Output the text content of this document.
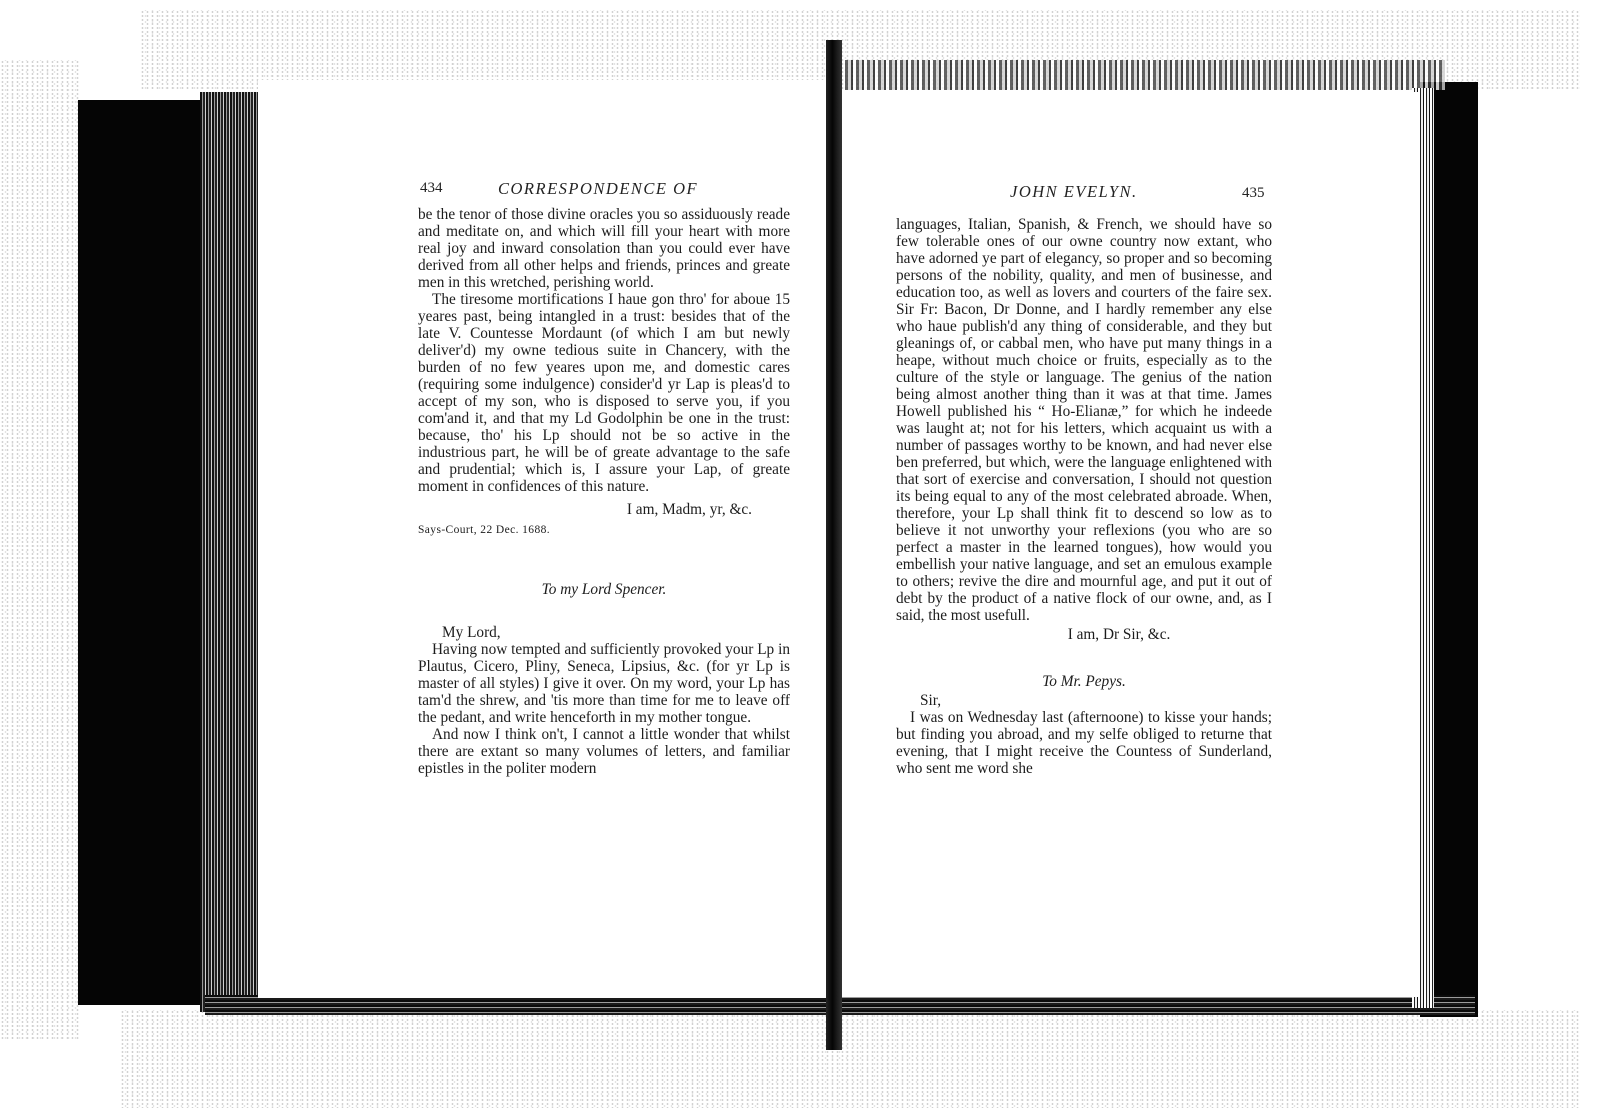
434	CORRESPONDENCE OF

be the tenor of those divine oracles you so assiduously reade and meditate on, and which will fill your heart with more real joy and inward consolation than you could ever have derived from all other helps and friends, princes and greate men in this wretched, perishing world.

The tiresome mortifications I haue gon thro' for aboue 15 yeares past, being intangled in a trust: besides that of the late V. Countesse Mordaunt (of which I am but newly deliver'd) my owne tedious suite in Chancery, with the burden of no few yeares upon me, and domestic cares (requiring some indulgence) consider'd yr Lap is pleas'd to accept of my son, who is disposed to serve you, if you com'and it, and that my Ld Godolphin be one in the trust: because, tho' his Lp should not be so active in the industrious part, he will be of greate advantage to the safe and prudential; which is, I assure your Lap, of greate moment in confidences of this nature.

I am, Madm, yr, &c.

Says-Court, 22 Dec. 1688.

To my Lord Spencer.

My Lord,

Having now tempted and sufficiently provoked your Lp in Plautus, Cicero, Pliny, Seneca, Lipsius, &c. (for yr Lp is master of all styles) I give it over. On my word, your Lp has tam'd the shrew, and 'tis more than time for me to leave off the pedant, and write henceforth in my mother tongue.

And now I think on't, I cannot a little wonder that whilst there are extant so many volumes of letters, and familiar epistles in the politer modern

JOHN EVELYN.	435

languages, Italian, Spanish, & French, we should have so few tolerable ones of our owne country now extant, who have adorned ye part of elegancy, so proper and so becoming persons of the nobility, quality, and men of businesse, and education too, as well as lovers and courters of the faire sex. Sir Fr: Bacon, Dr Donne, and I hardly remember any else who haue publish'd any thing of considerable, and they but gleanings of, or cabbal men, who have put many things in a heape, without much choice or fruits, especially as to the culture of the style or language. The genius of the nation being almost another thing than it was at that time. James Howell published his “ Ho-Elianæ,” for which he indeede was laught at; not for his letters, which acquaint us with a number of passages worthy to be known, and had never else ben preferred, but which, were the language enlightened with that sort of exercise and conversation, I should not question its being equal to any of the most celebrated abroade. When, therefore, your Lp shall think fit to descend so low as to believe it not unworthy your reflexions (you who are so perfect a master in the learned tongues), how would you embellish your native language, and set an emulous example to others; revive the dire and mournful age, and put it out of debt by the product of a native flock of our owne, and, as I said, the most usefull.

I am, Dr Sir, &c.

To Mr. Pepys.

Sir,

I was on Wednesday last (afternoone) to kisse your hands; but finding you abroad, and my selfe obliged to returne that evening, that I might receive the Countess of Sunderland, who sent me word she
